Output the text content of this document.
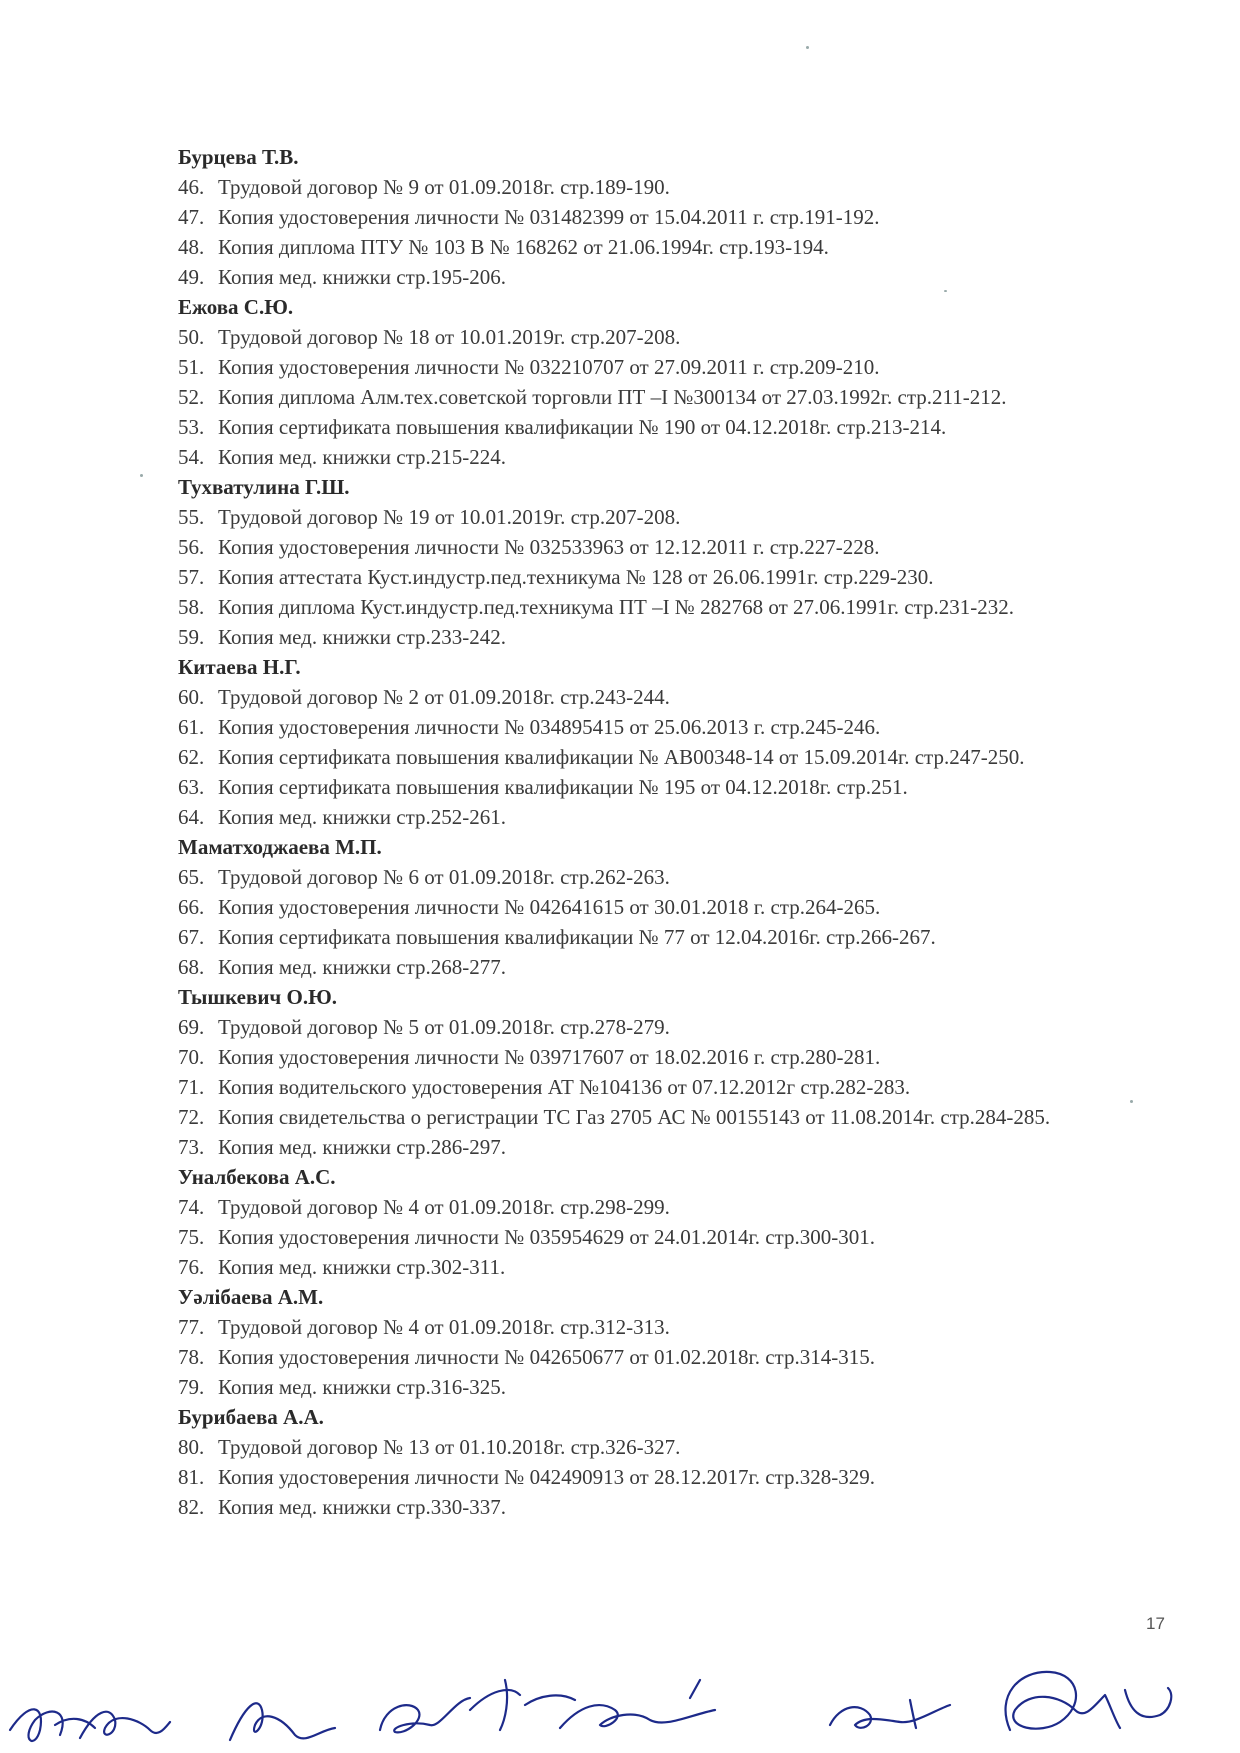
Бурцева Т.В.
46. Трудовой договор № 9 от 01.09.2018г. стр.189-190.
47. Копия удостоверения личности № 031482399 от 15.04.2011 г. стр.191-192.
48. Копия диплома ПТУ № 103 В № 168262 от 21.06.1994г. стр.193-194.
49. Копия мед. книжки стр.195-206.
Ежова С.Ю.
50. Трудовой договор № 18 от 10.01.2019г. стр.207-208.
51. Копия удостоверения личности № 032210707 от 27.09.2011 г. стр.209-210.
52. Копия диплома Алм.тех.советской торговли ПТ –I №300134 от 27.03.1992г. стр.211-212.
53. Копия сертификата повышения квалификации № 190 от 04.12.2018г. стр.213-214.
54. Копия мед. книжки стр.215-224.
Тухватулина Г.Ш.
55. Трудовой договор № 19 от 10.01.2019г. стр.207-208.
56. Копия удостоверения личности № 032533963 от 12.12.2011 г. стр.227-228.
57. Копия аттестата Куст.индустр.пед.техникума № 128 от 26.06.1991г. стр.229-230.
58. Копия диплома Куст.индустр.пед.техникума ПТ –I № 282768 от 27.06.1991г. стр.231-232.
59. Копия мед. книжки стр.233-242.
Китаева Н.Г.
60. Трудовой договор № 2 от 01.09.2018г. стр.243-244.
61. Копия удостоверения личности № 034895415 от 25.06.2013 г. стр.245-246.
62. Копия сертификата повышения квалификации № АВ00348-14 от 15.09.2014г. стр.247-250.
63. Копия сертификата повышения квалификации № 195 от 04.12.2018г. стр.251.
64. Копия мед. книжки стр.252-261.
Маматходжаева М.П.
65. Трудовой договор № 6 от 01.09.2018г. стр.262-263.
66. Копия удостоверения личности № 042641615 от 30.01.2018 г. стр.264-265.
67. Копия сертификата повышения квалификации № 77 от 12.04.2016г. стр.266-267.
68. Копия мед. книжки стр.268-277.
Тышкевич О.Ю.
69. Трудовой договор № 5 от 01.09.2018г. стр.278-279.
70. Копия удостоверения личности № 039717607 от 18.02.2016 г. стр.280-281.
71. Копия водительского удостоверения АТ №104136 от 07.12.2012г стр.282-283.
72. Копия свидетельства о регистрации ТС Газ 2705 АС № 00155143 от 11.08.2014г. стр.284-285.
73. Копия мед. книжки стр.286-297.
Уналбекова А.С.
74. Трудовой договор № 4 от 01.09.2018г. стр.298-299.
75. Копия удостоверения личности № 035954629 от 24.01.2014г. стр.300-301.
76. Копия мед. книжки стр.302-311.
Уәлібаева А.М.
77. Трудовой договор № 4 от 01.09.2018г. стр.312-313.
78. Копия удостоверения личности № 042650677 от 01.02.2018г. стр.314-315.
79. Копия мед. книжки стр.316-325.
Бурибаева А.А.
80. Трудовой договор № 13 от 01.10.2018г. стр.326-327.
81. Копия удостоверения личности № 042490913 от 28.12.2017г. стр.328-329.
82. Копия мед. книжки стр.330-337.
17
